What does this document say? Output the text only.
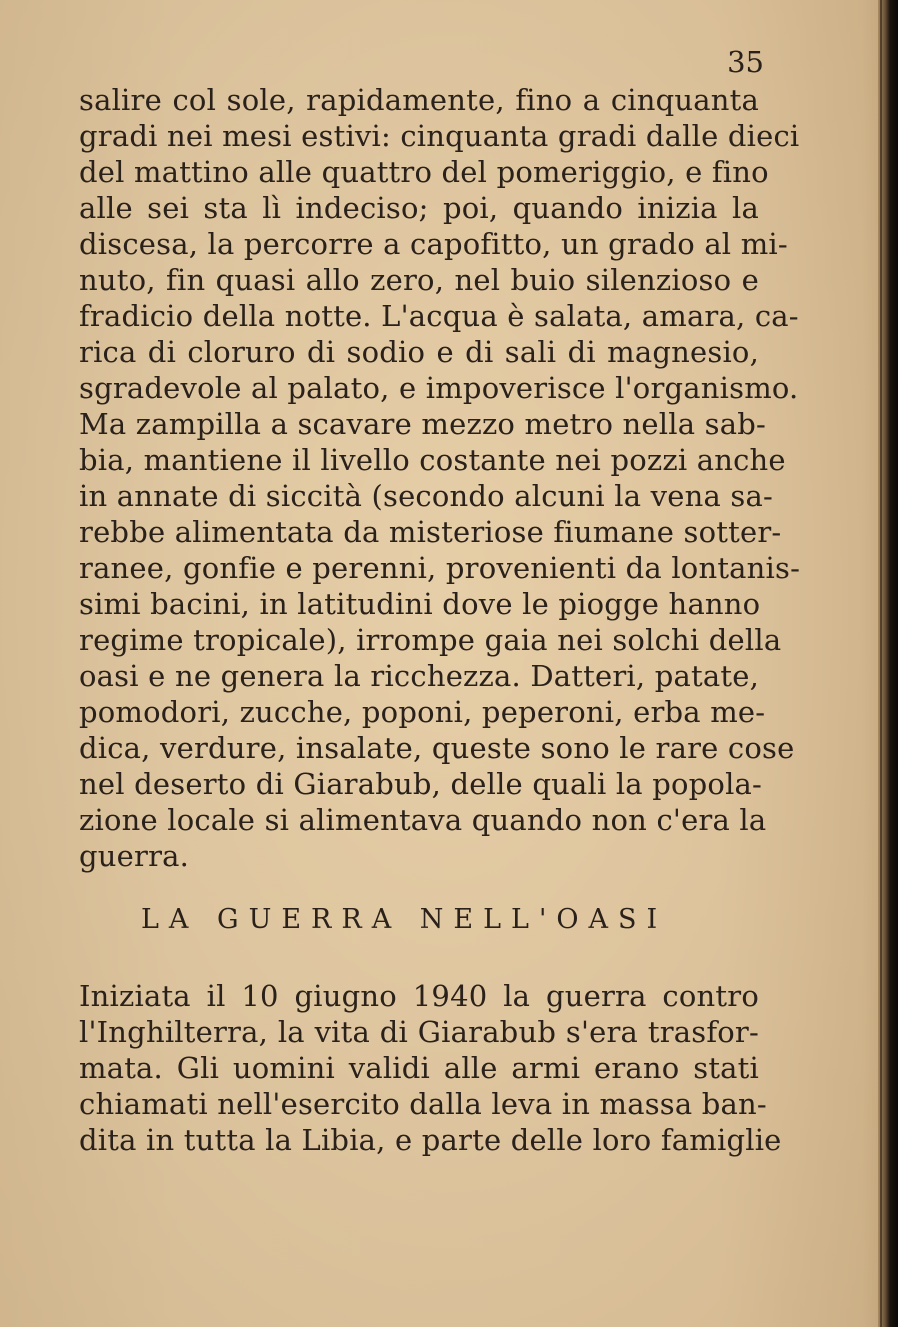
35
salire col sole, rapidamente, fino a cinquanta
gradi nei mesi estivi: cinquanta gradi dalle dieci
del mattino alle quattro del pomeriggio, e fino
alle sei sta lì indeciso; poi, quando inizia la
discesa, la percorre a capofitto, un grado al mi-
nuto, fin quasi allo zero, nel buio silenzioso e
fradicio della notte. L'acqua è salata, amara, ca-
rica di cloruro di sodio e di sali di magnesio,
sgradevole al palato, e impoverisce l'organismo.
Ma zampilla a scavare mezzo metro nella sab-
bia, mantiene il livello costante nei pozzi anche
in annate di siccità (secondo alcuni la vena sa-
rebbe alimentata da misteriose fiumane sotter-
ranee, gonfie e perenni, provenienti da lontanis-
simi bacini, in latitudini dove le piogge hanno
regime tropicale), irrompe gaia nei solchi della
oasi e ne genera la ricchezza. Datteri, patate,
pomodori, zucche, poponi, peperoni, erba me-
dica, verdure, insalate, queste sono le rare cose
nel deserto di Giarabub, delle quali la popola-
zione locale si alimentava quando non c'era la
guerra.
LA GUERRA NELL'OASI
Iniziata il 10 giugno 1940 la guerra contro
l'Inghilterra, la vita di Giarabub s'era trasfor-
mata. Gli uomini validi alle armi erano stati
chiamati nell'esercito dalla leva in massa ban-
dita in tutta la Libia, e parte delle loro famiglie
